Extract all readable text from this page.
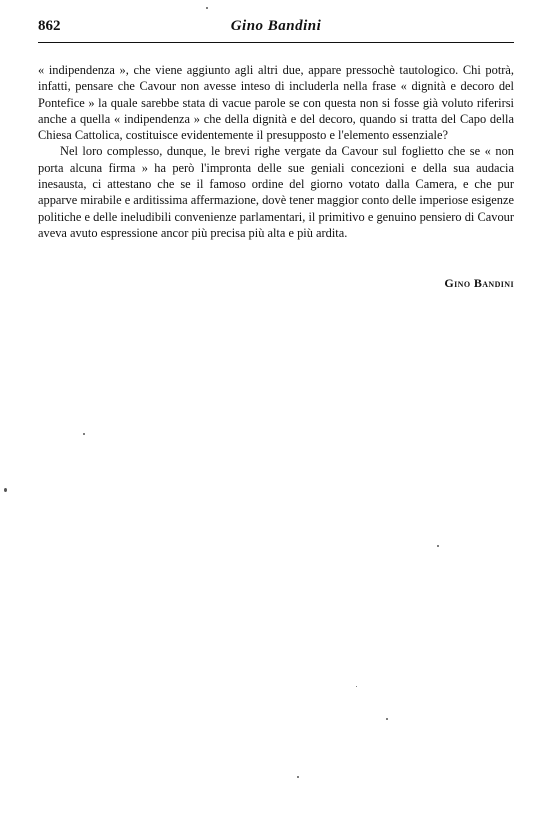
862	Gino Bandini

« indipendenza », che viene aggiunto agli altri due, appare pressochè tautologico. Chi potrà, infatti, pensare che Cavour non avesse inteso di includerla nella frase « dignità e decoro del Pontefice » la quale sarebbe stata di vacue parole se con questa non si fosse già voluto riferirsi anche a quella « indipendenza » che della dignità e del decoro, quando si tratta del Capo della Chiesa Cattolica, costituisce evidentemente il presupposto e l'elemento essenziale?

Nel loro complesso, dunque, le brevi righe vergate da Cavour sul foglietto che se « non porta alcuna firma » ha però l'impronta delle sue geniali concezioni e della sua audacia inesausta, ci attestano che se il famoso ordine del giorno votato dalla Camera, e che pur apparve mirabile e arditissima affermazione, dovè tener maggior conto delle imperiose esigenze politiche e delle ineludibili convenienze parlamentari, il primitivo e genuino pensiero di Cavour aveva avuto espressione ancor più precisa più alta e più ardita.

Gino Bandini
